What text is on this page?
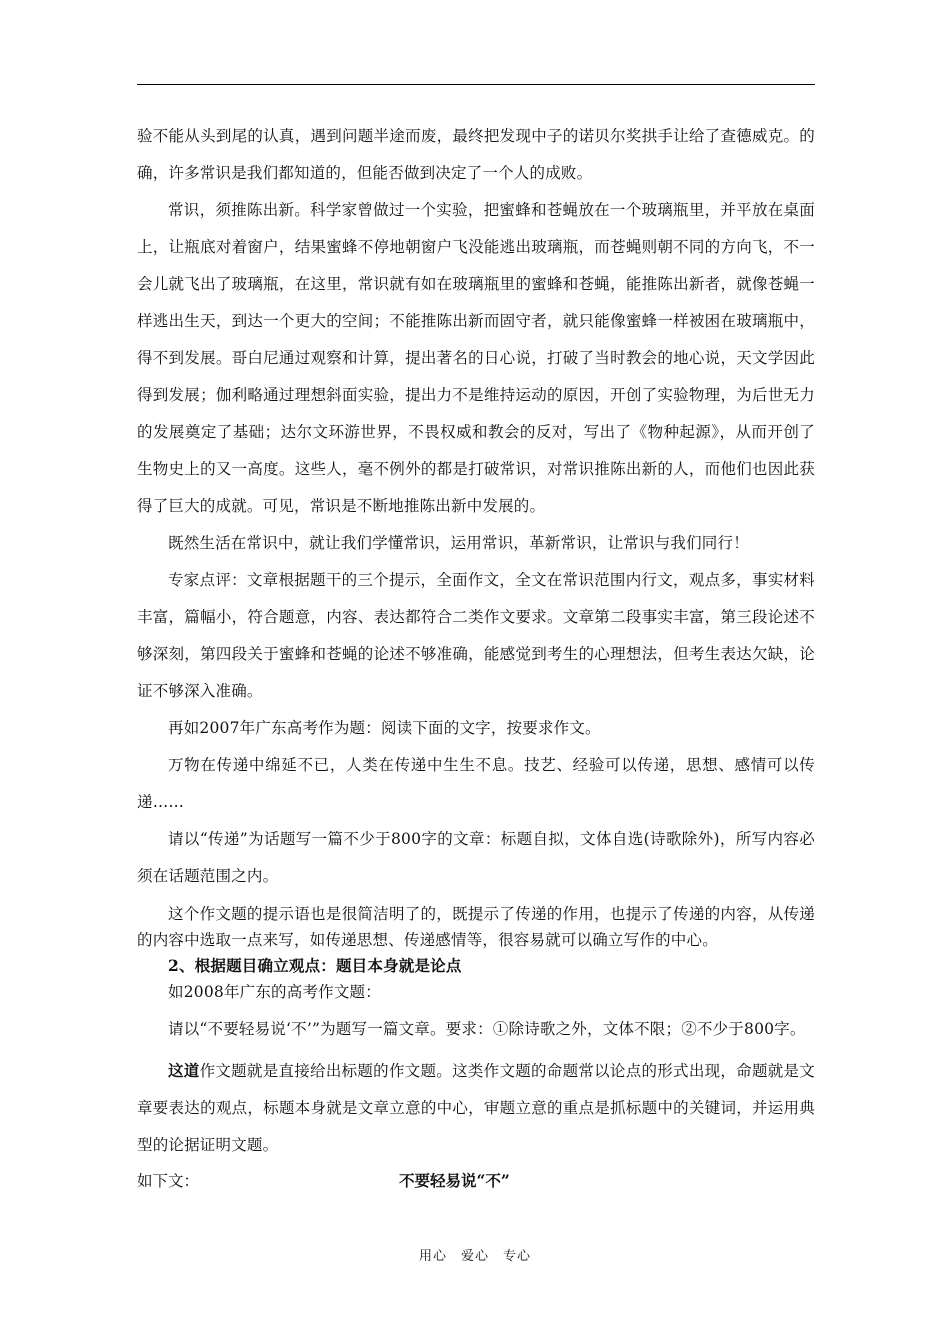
验不能从头到尾的认真，遇到问题半途而废，最终把发现中子的诺贝尔奖拱手让给了查德威克。的确，许多常识是我们都知道的，但能否做到决定了一个人的成败。

常识，须推陈出新。科学家曾做过一个实验，把蜜蜂和苍蝇放在一个玻璃瓶里，并平放在桌面上，让瓶底对着窗户，结果蜜蜂不停地朝窗户飞没能逃出玻璃瓶，而苍蝇则朝不同的方向飞，不一会儿就飞出了玻璃瓶，在这里，常识就有如在玻璃瓶里的蜜蜂和苍蝇，能推陈出新者，就像苍蝇一样逃出生天，到达一个更大的空间；不能推陈出新而固守者，就只能像蜜蜂一样被困在玻璃瓶中，得不到发展。哥白尼通过观察和计算，提出著名的日心说，打破了当时教会的地心说，天文学因此得到发展；伽利略通过理想斜面实验，提出力不是维持运动的原因，开创了实验物理，为后世无力的发展奠定了基础；达尔文环游世界，不畏权威和教会的反对，写出了《物种起源》，从而开创了生物史上的又一高度。这些人，毫不例外的都是打破常识，对常识推陈出新的人，而他们也因此获得了巨大的成就。可见，常识是不断地推陈出新中发展的。

既然生活在常识中，就让我们学懂常识，运用常识，革新常识，让常识与我们同行！

专家点评：文章根据题干的三个提示，全面作文，全文在常识范围内行文，观点多，事实材料丰富，篇幅小，符合题意，内容、表达都符合二类作文要求。文章第二段事实丰富，第三段论述不够深刻，第四段关于蜜蜂和苍蝇的论述不够准确，能感觉到考生的心理想法，但考生表达欠缺，论证不够深入准确。

再如2007年广东高考作为题：阅读下面的文字，按要求作文。

万物在传递中绵延不已，人类在传递中生生不息。技艺、经验可以传递，思想、感情可以传递……

请以“传递”为话题写一篇不少于800字的文章：标题自拟，文体自选(诗歌除外)，所写内容必须在话题范围之内。

这个作文题的提示语也是很简洁明了的，既提示了传递的作用，也提示了传递的内容，从传递的内容中选取一点来写，如传递思想、传递感情等，很容易就可以确立写作的中心。

2、根据题目确立观点：题目本身就是论点

如2008年广东的高考作文题：

请以“不要轻易说‘不’”为题写一篇文章。要求：①除诗歌之外，文体不限；②不少于800字。

这道作文题就是直接给出标题的作文题。这类作文题的命题常以论点的形式出现，命题就是文章要表达的观点，标题本身就是文章立意的中心，审题立意的重点是抓标题中的关键词，并运用典型的论据证明文题。

如下文：	不要轻易说“不”
用心　爱心　专心
